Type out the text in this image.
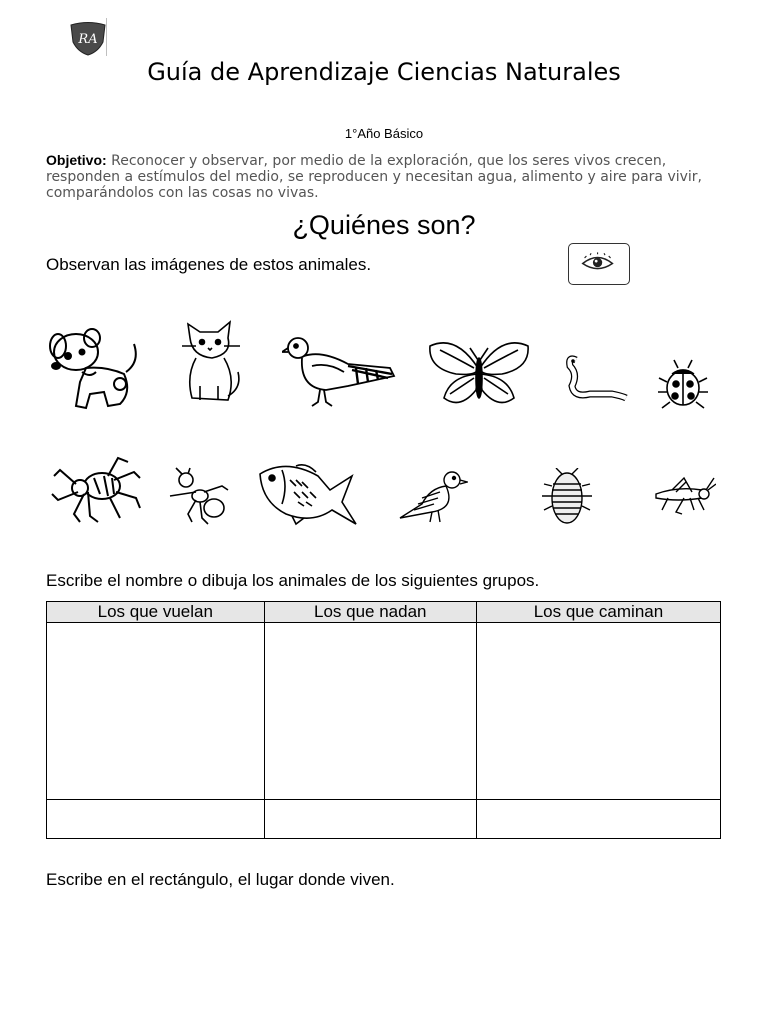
RA
Guía de Aprendizaje Ciencias Naturales
1°Año Básico
Objetivo: Reconocer y observar, por medio de la exploración, que los seres vivos crecen, responden a estímulos del medio, se reproducen y necesitan agua, alimento y aire para vivir, comparándolos con las cosas no vivas.
¿Quiénes son?
Observan las imágenes de estos animales.
Escribe el nombre o dibuja los animales de los siguientes grupos.
Los que vuelan	Los que nadan	Los que caminan

Escribe en el rectángulo, el lugar donde viven.
